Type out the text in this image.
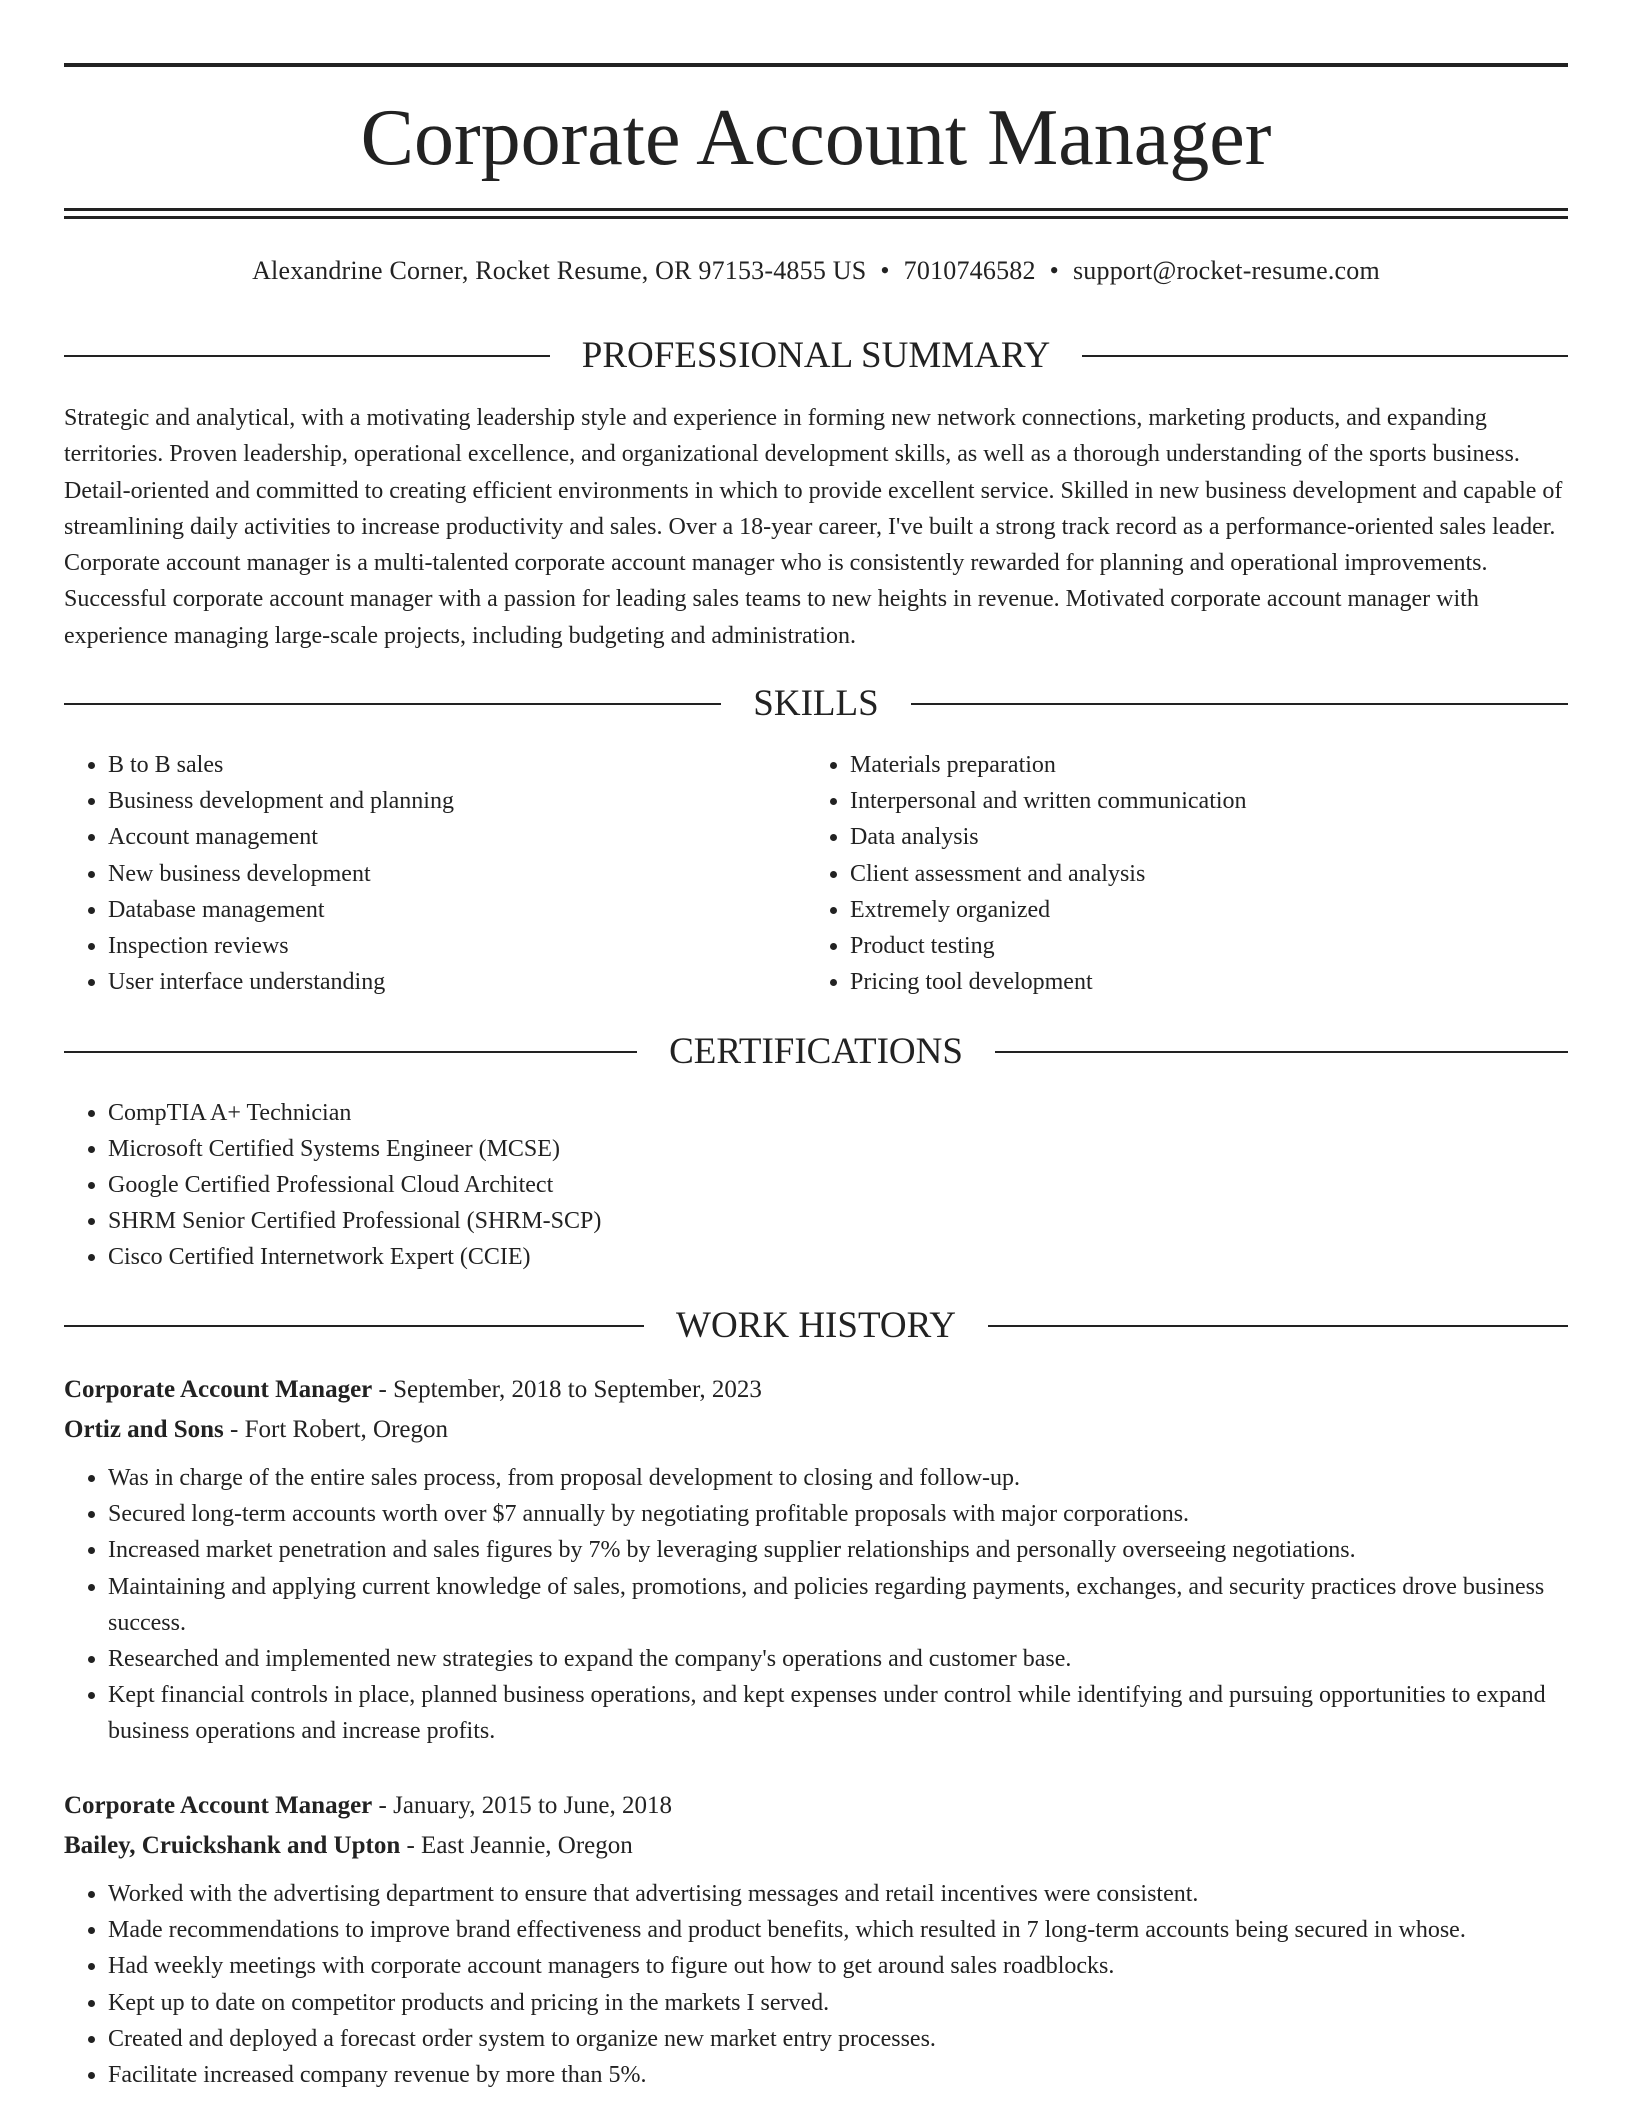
Corporate Account Manager
Alexandrine Corner, Rocket Resume, OR 97153-4855 US • 7010746582 • support@rocket-resume.com
PROFESSIONAL SUMMARY

Strategic and analytical, with a motivating leadership style and experience in forming new network connections, marketing products, and expanding territories. Proven leadership, operational excellence, and organizational development skills, as well as a thorough understanding of the sports business. Detail-oriented and committed to creating efficient environments in which to provide excellent service. Skilled in new business development and capable of streamlining daily activities to increase productivity and sales. Over a 18-year career, I've built a strong track record as a performance-oriented sales leader. Corporate account manager is a multi-talented corporate account manager who is consistently rewarded for planning and operational improvements. Successful corporate account manager with a passion for leading sales teams to new heights in revenue. Motivated corporate account manager with experience managing large-scale projects, including budgeting and administration.

SKILLS
• B to B sales
• Business development and planning
• Account management
• New business development
• Database management
• Inspection reviews
• User interface understanding
• Materials preparation
• Interpersonal and written communication
• Data analysis
• Client assessment and analysis
• Extremely organized
• Product testing
• Pricing tool development
CERTIFICATIONS
• CompTIA A+ Technician
• Microsoft Certified Systems Engineer (MCSE)
• Google Certified Professional Cloud Architect
• SHRM Senior Certified Professional (SHRM-SCP)
• Cisco Certified Internetwork Expert (CCIE)
WORK HISTORY
Corporate Account Manager - September, 2018 to September, 2023
Ortiz and Sons - Fort Robert, Oregon
• Was in charge of the entire sales process, from proposal development to closing and follow-up.
• Secured long-term accounts worth over $7 annually by negotiating profitable proposals with major corporations.
• Increased market penetration and sales figures by 7% by leveraging supplier relationships and personally overseeing negotiations.
• Maintaining and applying current knowledge of sales, promotions, and policies regarding payments, exchanges, and security practices drove business success.
• Researched and implemented new strategies to expand the company's operations and customer base.
• Kept financial controls in place, planned business operations, and kept expenses under control while identifying and pursuing opportunities to expand business operations and increase profits.
Corporate Account Manager - January, 2015 to June, 2018
Bailey, Cruickshank and Upton - East Jeannie, Oregon
• Worked with the advertising department to ensure that advertising messages and retail incentives were consistent.
• Made recommendations to improve brand effectiveness and product benefits, which resulted in 7 long-term accounts being secured in whose.
• Had weekly meetings with corporate account managers to figure out how to get around sales roadblocks.
• Kept up to date on competitor products and pricing in the markets I served.
• Created and deployed a forecast order system to organize new market entry processes.
• Facilitate increased company revenue by more than 5%.
